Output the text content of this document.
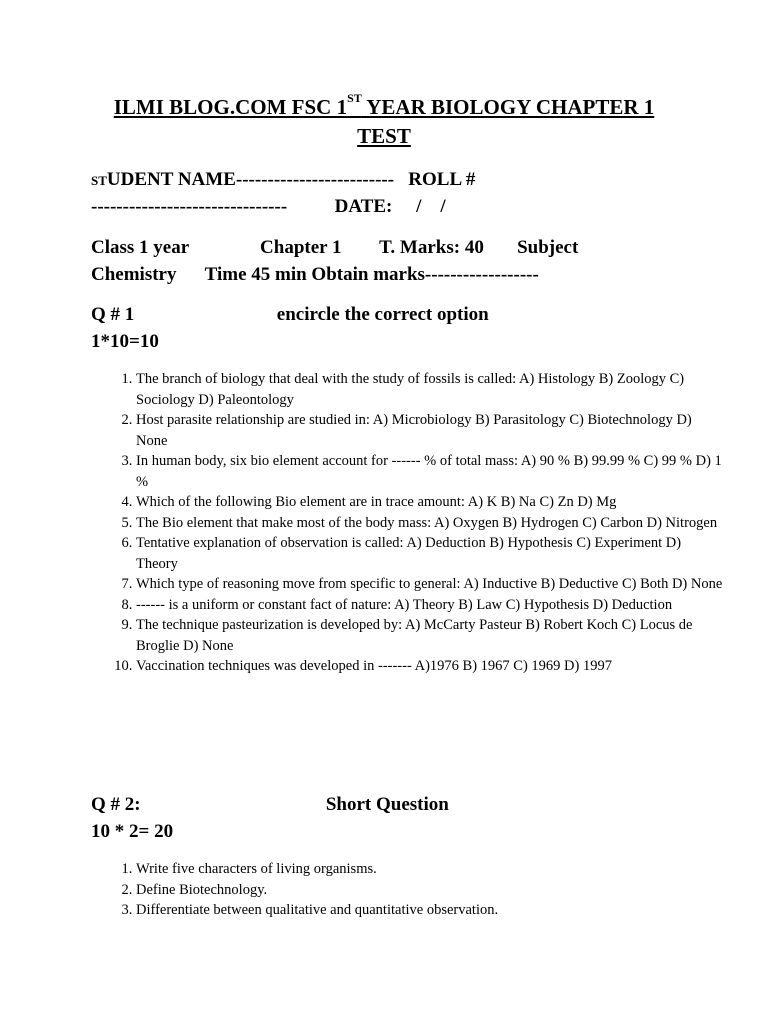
ILMI BLOG.COM FSC 1ST YEAR BIOLOGY CHAPTER 1
TEST
STUDENT NAME-------------------------   ROLL #
-------------------------------          DATE:     /    /
Class 1 year               Chapter 1        T. Marks: 40       Subject
Chemistry      Time 45 min Obtain marks------------------
Q # 1                              encircle the correct option
1*10=10
1. The branch of biology that deal with the study of fossils is called: A) Histology B) Zoology C) Sociology D) Paleontology
2. Host parasite relationship are studied in: A) Microbiology B) Parasitology C) Biotechnology D) None
3. In human body, six bio element account for ------ % of total mass: A) 90 % B) 99.99 % C) 99 % D) 1 %
4. Which of the following Bio element are in trace amount: A) K B) Na C) Zn D) Mg
5. The Bio element that make most of the body mass: A) Oxygen B) Hydrogen C) Carbon D) Nitrogen
6. Tentative explanation of observation is called: A) Deduction B) Hypothesis C) Experiment D) Theory
7. Which type of reasoning move from specific to general: A) Inductive B) Deductive C) Both D) None
8. ------ is a uniform or constant fact of nature: A) Theory B) Law C) Hypothesis D) Deduction
9. The technique pasteurization is developed by: A) McCarty Pasteur B) Robert Koch C) Locus de Broglie D) None
10. Vaccination techniques was developed in ------- A)1976 B) 1967 C) 1969 D) 1997
Q # 2:                                       Short Question
10 * 2= 20
1. Write five characters of living organisms.
2. Define Biotechnology.
3. Differentiate between qualitative and quantitative observation.
